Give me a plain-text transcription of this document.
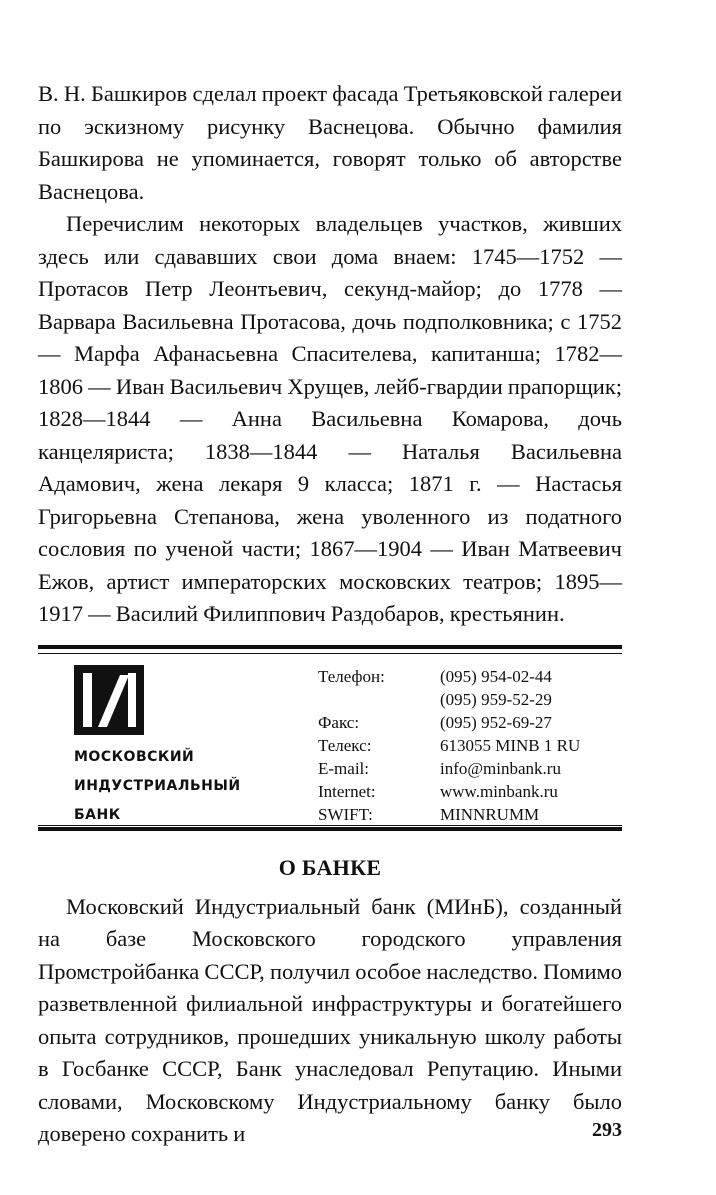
В. Н. Башкиров сделал проект фасада Третьяковской галереи по эскизному рисунку Васнецова. Обычно фамилия Башкирова не упоминается, говорят только об авторстве Васнецова.

Перечислим некоторых владельцев участков, живших здесь или сдававших свои дома внаем: 1745—1752 — Протасов Петр Леонтьевич, секунд-майор; до 1778 — Варвара Васильевна Протасова, дочь подполковника; с 1752 — Марфа Афанасьевна Спасителева, капитанша; 1782—1806 — Иван Васильевич Хрущев, лейб-гвардии прапорщик; 1828—1844 — Анна Васильевна Комарова, дочь канцеляриста; 1838—1844 — Наталья Васильевна Адамович, жена лекаря 9 класса; 1871 г. — Настасья Григорьевна Степанова, жена уволенного из податного сословия по ученой части; 1867—1904 — Иван Матвеевич Ежов, артист императорских московских театров; 1895—1917 — Василий Филиппович Раздобаров, крестьянин.

МОСКОВСКИЙ
ИНДУСТРИАЛЬНЫЙ
БАНК
Телефон:	(095) 954-02-44
(095) 959-52-29
Факс:	(095) 952-69-27
Телекс:	613055 MINB 1 RU
E-mail:	info@minbank.ru
Internet:	www.minbank.ru
SWIFT:	MINNRUMM
О БАНКЕ

Московский Индустриальный банк (МИнБ), созданный на базе Московского городского управления Промстройбанка СССР, получил особое наследство. Помимо разветвленной филиальной инфраструктуры и богатейшего опыта сотрудников, прошедших уникальную школу работы в Госбанке СССР, Банк унаследовал Репутацию. Иными словами, Московскому Индустриальному банку было доверено сохранить и	293
